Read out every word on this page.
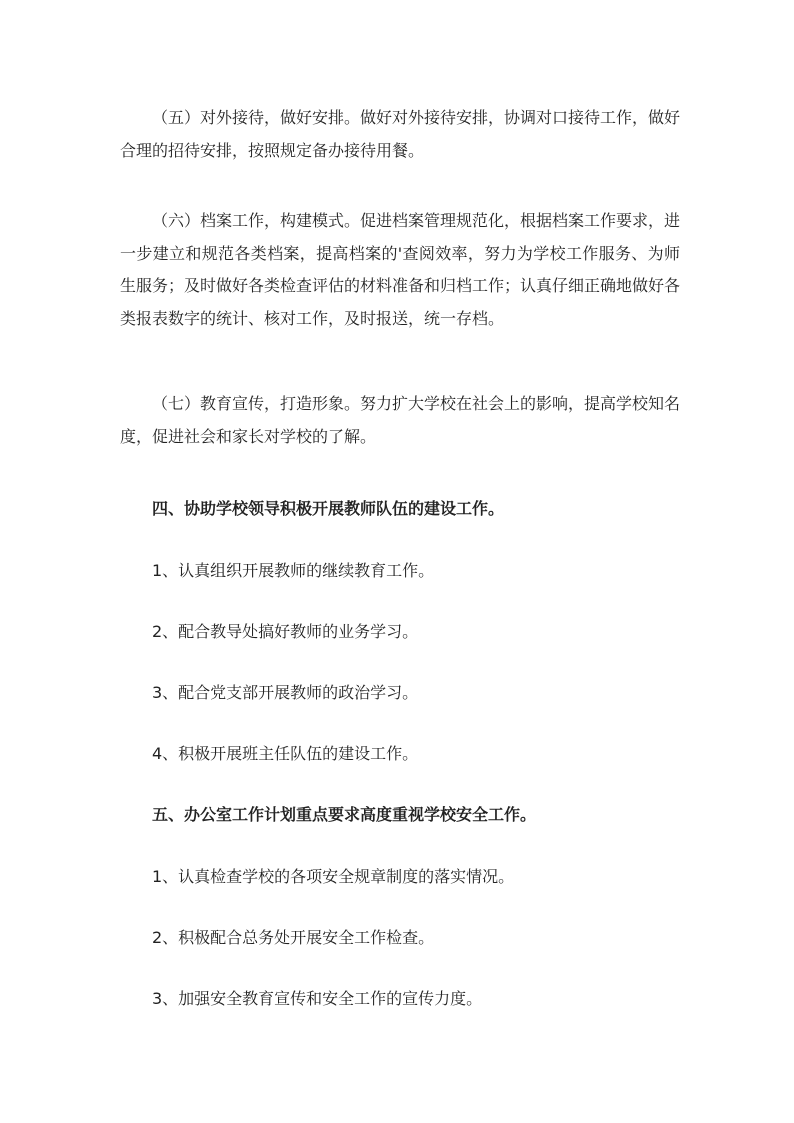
（五）对外接待，做好安排。做好对外接待安排，协调对口接待工作，做好合理的招待安排，按照规定备办接待用餐。

（六）档案工作，构建模式。促进档案管理规范化，根据档案工作要求，进一步建立和规范各类档案，提高档案的'查阅效率，努力为学校工作服务、为师生服务；及时做好各类检查评估的材料准备和归档工作；认真仔细正确地做好各类报表数字的统计、核对工作，及时报送，统一存档。

（七）教育宣传，打造形象。努力扩大学校在社会上的影响，提高学校知名度，促进社会和家长对学校的了解。

四、协助学校领导积极开展教师队伍的建设工作。

1、认真组织开展教师的继续教育工作。

2、配合教导处搞好教师的业务学习。

3、配合党支部开展教师的政治学习。

4、积极开展班主任队伍的建设工作。

五、办公室工作计划重点要求高度重视学校安全工作。

1、认真检查学校的各项安全规章制度的落实情况。

2、积极配合总务处开展安全工作检查。

3、加强安全教育宣传和安全工作的宣传力度。
